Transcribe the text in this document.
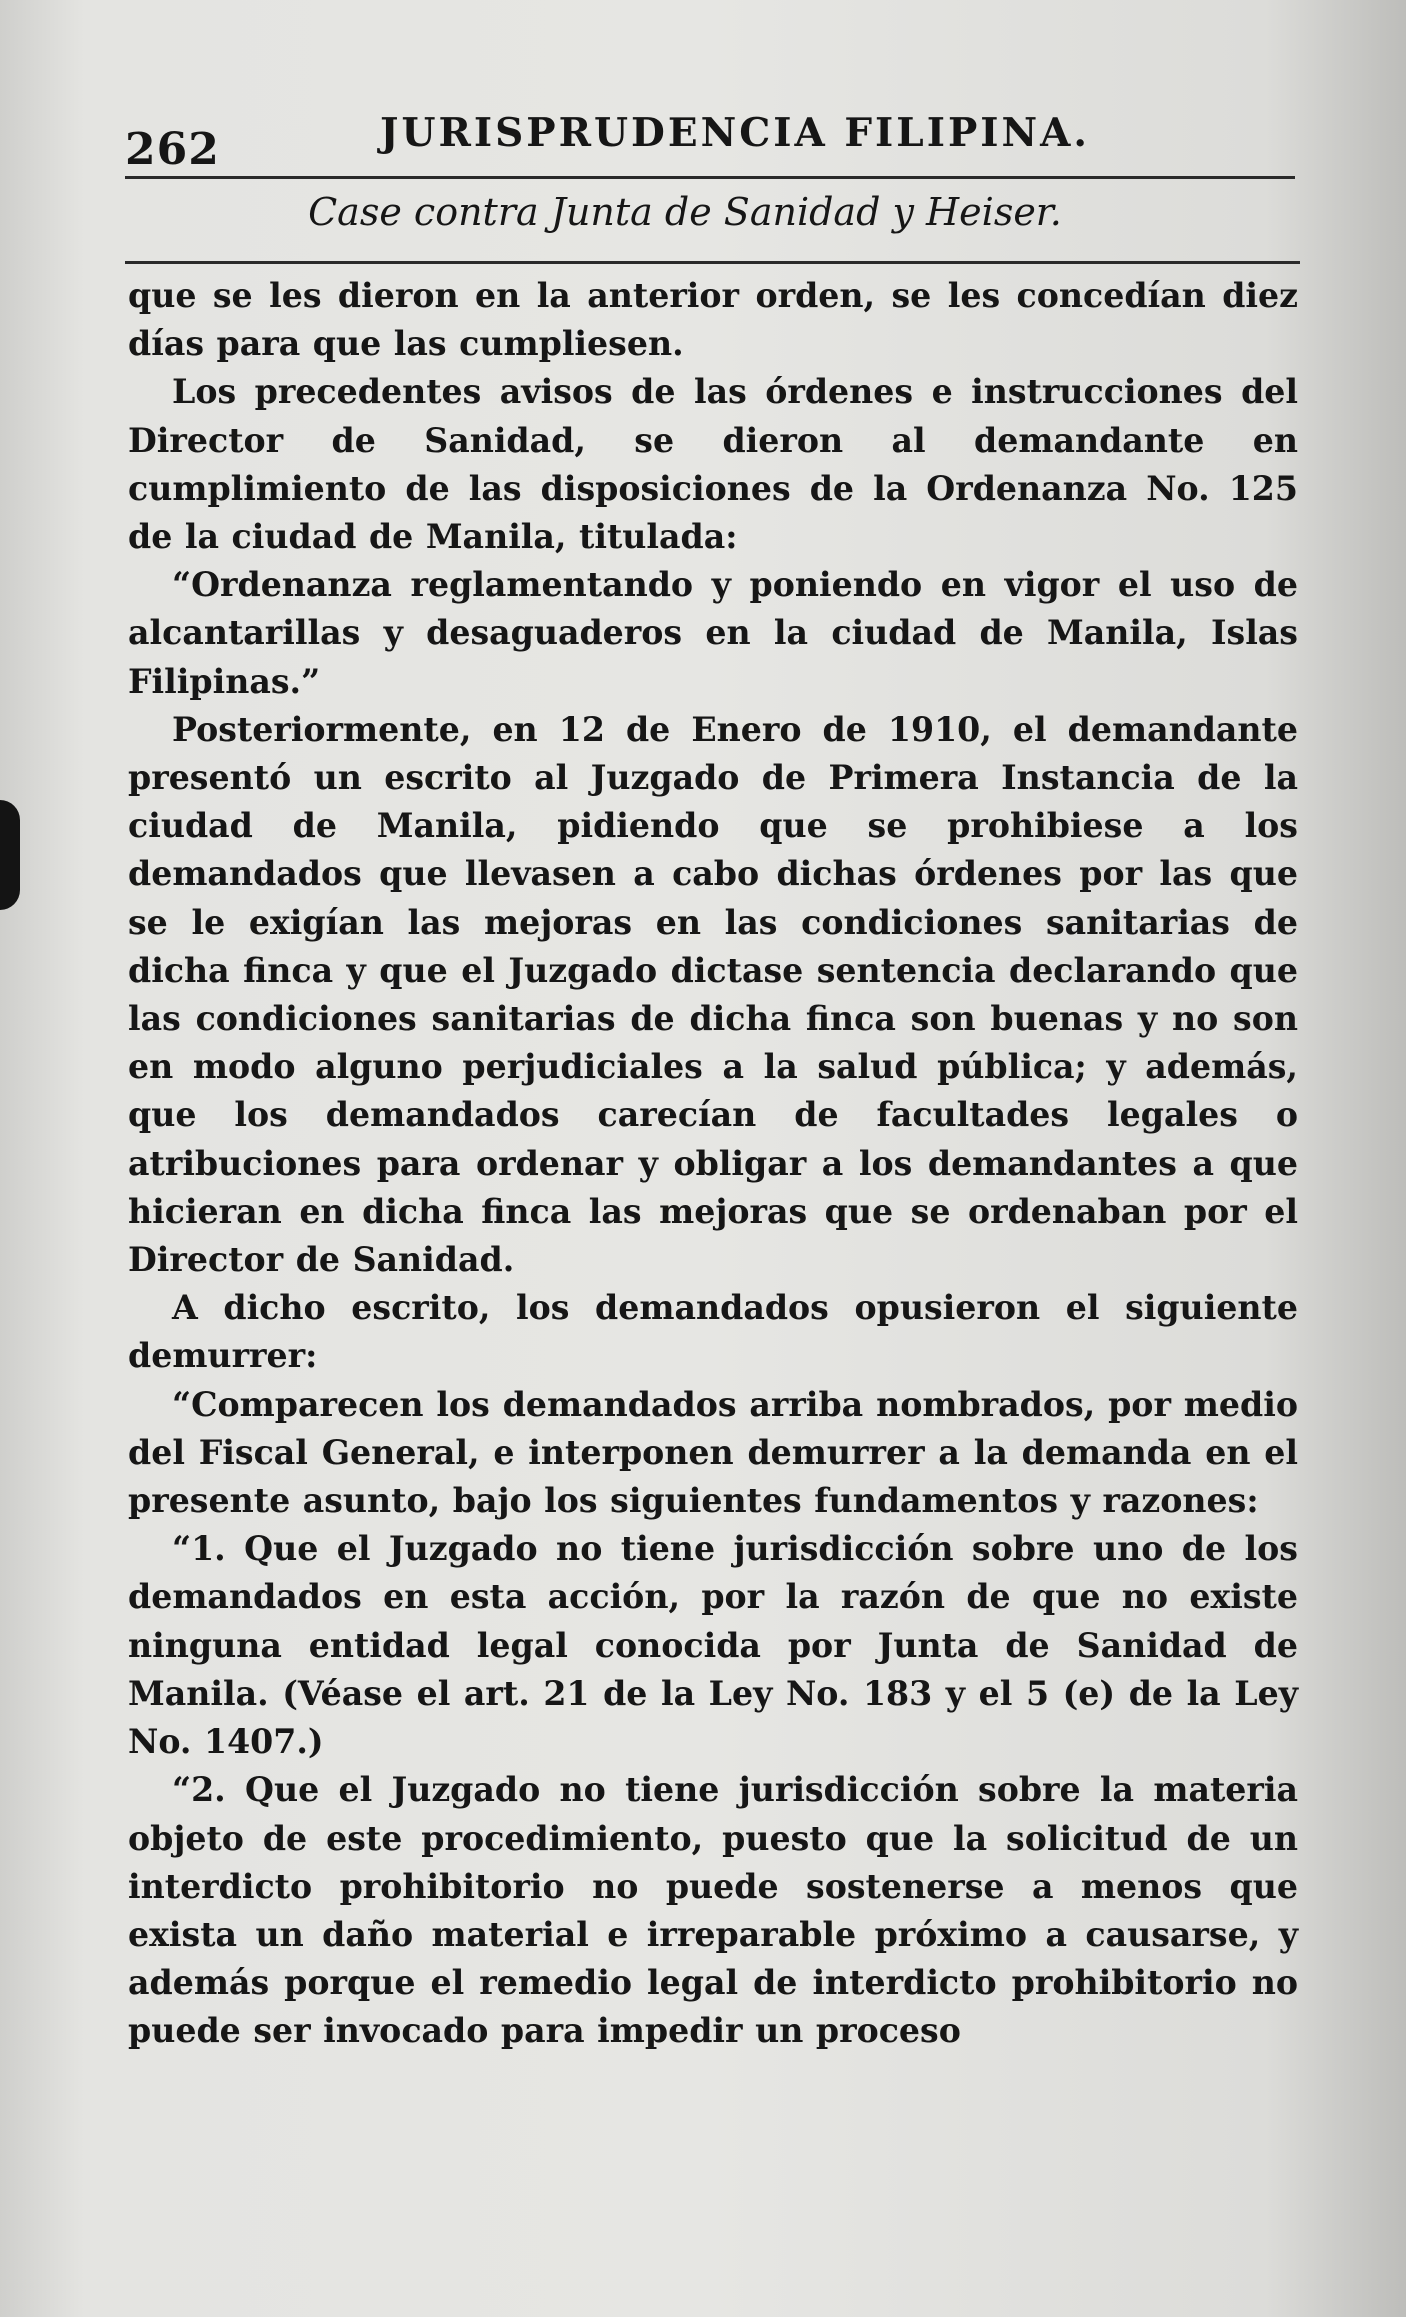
262	JURISPRUDENCIA FILIPINA.
Case contra Junta de Sanidad y Heiser.

que se les dieron en la anterior orden, se les concedían diez días para que las cumpliesen.

Los precedentes avisos de las órdenes e instrucciones del Director de Sanidad, se dieron al demandante en cumplimiento de las disposiciones de la Ordenanza No. 125 de la ciudad de Manila, titulada:

“Ordenanza reglamentando y poniendo en vigor el uso de alcantarillas y desaguaderos en la ciudad de Manila, Islas Filipinas.”

Posteriormente, en 12 de Enero de 1910, el demandante presentó un escrito al Juzgado de Primera Instancia de la ciudad de Manila, pidiendo que se prohibiese a los demandados que llevasen a cabo dichas órdenes por las que se le exigían las mejoras en las condiciones sanitarias de dicha finca y que el Juzgado dictase sentencia declarando que las condiciones sanitarias de dicha finca son buenas y no son en modo alguno perjudiciales a la salud pública; y además, que los demandados carecían de facultades legales o atribuciones para ordenar y obligar a los demandantes a que hicieran en dicha finca las mejoras que se ordenaban por el Director de Sanidad.

A dicho escrito, los demandados opusieron el siguiente demurrer:

“Comparecen los demandados arriba nombrados, por medio del Fiscal General, e interponen demurrer a la demanda en el presente asunto, bajo los siguientes fundamentos y razones:

“1. Que el Juzgado no tiene jurisdicción sobre uno de los demandados en esta acción, por la razón de que no existe ninguna entidad legal conocida por Junta de Sanidad de Manila. (Véase el art. 21 de la Ley No. 183 y el 5 (e) de la Ley No. 1407.)

“2. Que el Juzgado no tiene jurisdicción sobre la materia objeto de este procedimiento, puesto que la solicitud de un interdicto prohibitorio no puede sostenerse a menos que exista un daño material e irreparable próximo a causarse, y además porque el remedio legal de interdicto prohibitorio no puede ser invocado para impedir un proceso
